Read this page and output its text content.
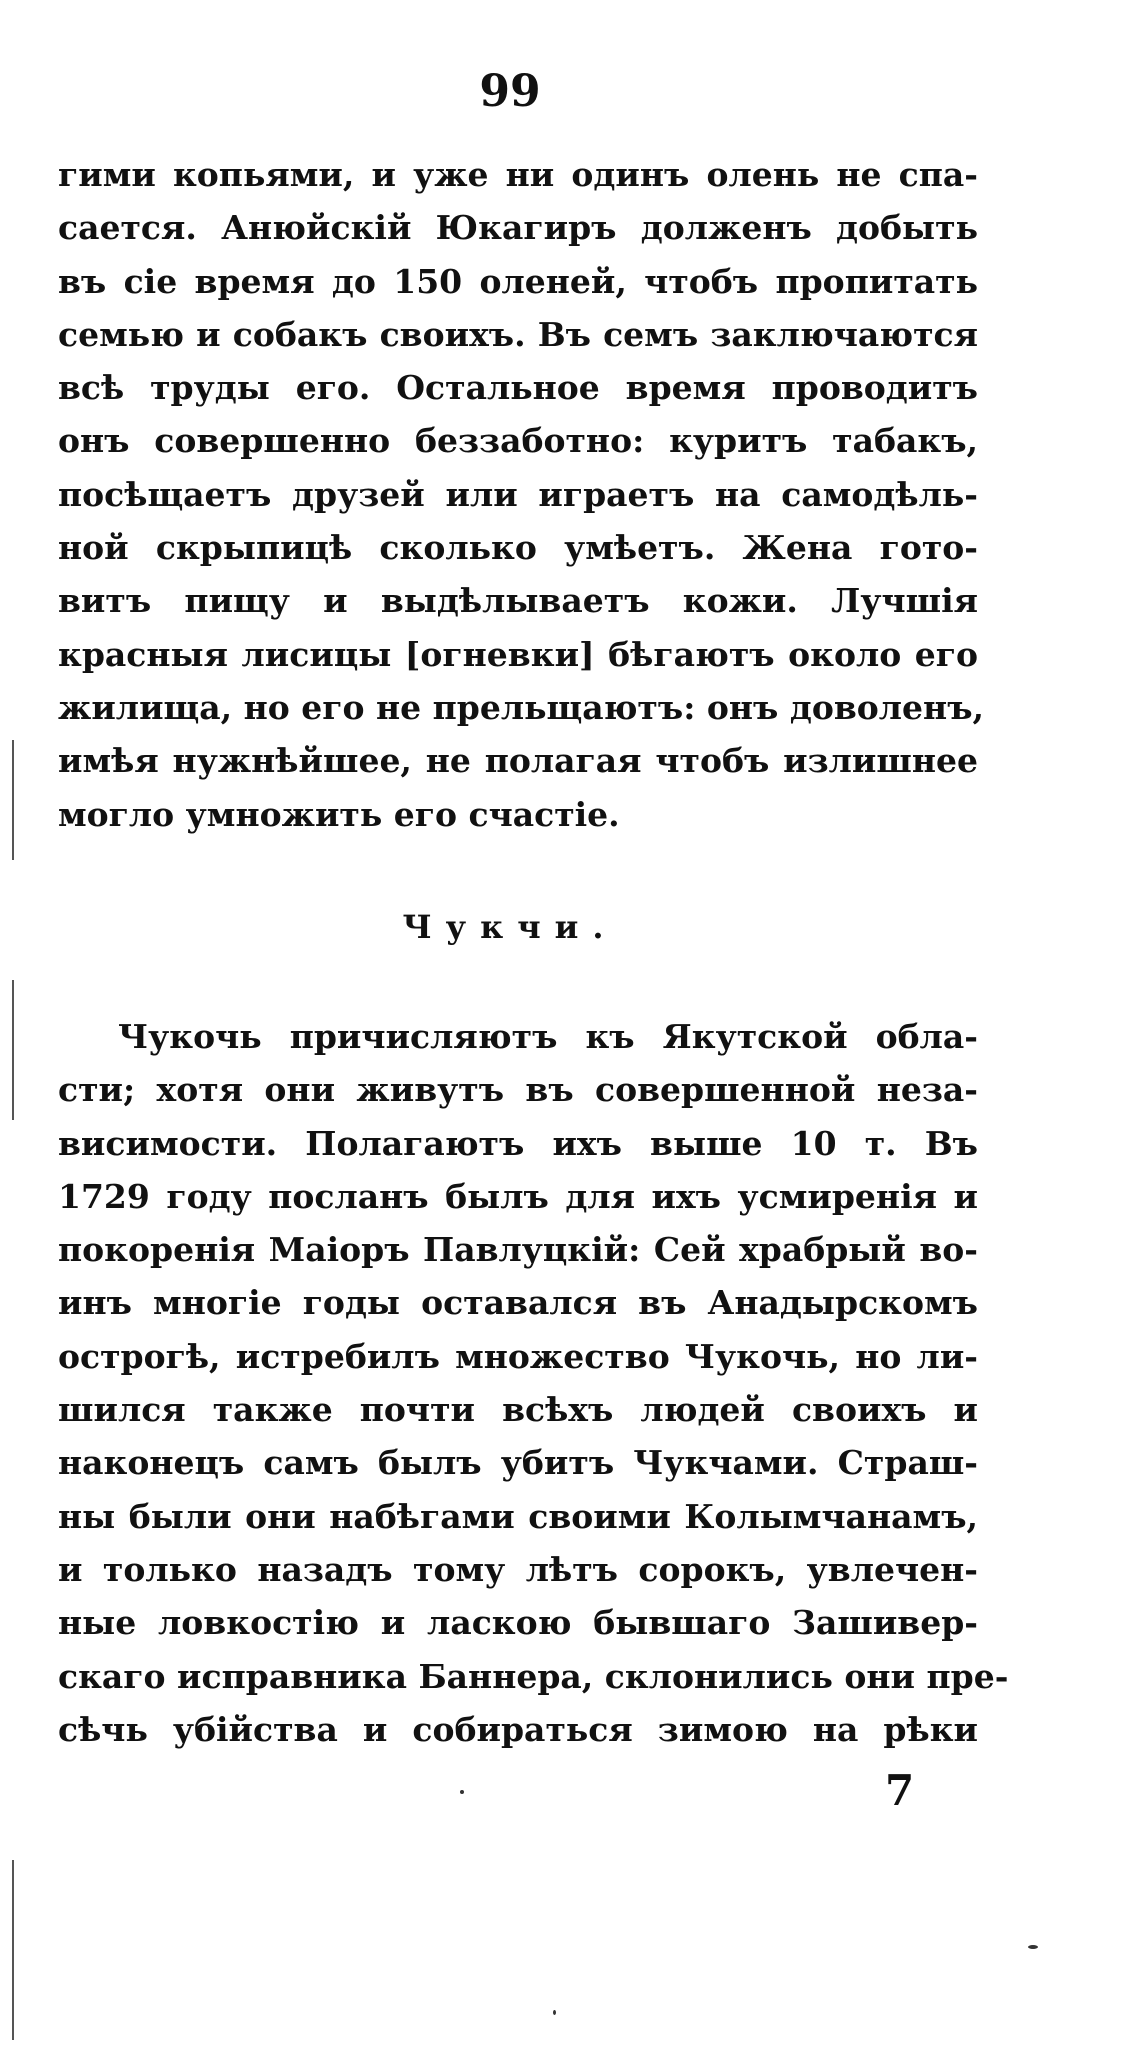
99
гими копьями, и уже ни одинъ олень не спа-
сается. Анюйскій Юкагиръ долженъ добыть
въ сіе время до 150 оленей, чтобъ пропитать
семью и собакъ своихъ. Въ семъ заключаются
всѣ труды его. Остальное время проводитъ
онъ совершенно беззаботно: куритъ табакъ,
посѣщаетъ друзей или играетъ на самодѣль-
ной скрыпицѣ сколько умѣетъ. Жена гото-
витъ пищу и выдѣлываетъ кожи. Лучшія
красныя лисицы [огневки] бѣгаютъ около его
жилища, но его не прельщаютъ: онъ доволенъ,
имѣя нужнѣйшее, не полагая чтобъ излишнее
могло умножить его счастіе.
Чукчи.
Чукочь причисляютъ къ Якутской обла-
сти; хотя они живутъ въ совершенной неза-
висимости. Полагаютъ ихъ выше 10 т. Въ
1729 году посланъ былъ для ихъ усмиренія и
покоренія Маіоръ Павлуцкій: Сей храбрый во-
инъ многіе годы оставался въ Анадырскомъ
острогѣ, истребилъ множество Чукочь, но ли-
шился также почти всѣхъ людей своихъ и
наконецъ самъ былъ убитъ Чукчами. Страш-
ны были они набѣгами своими Колымчанамъ,
и только назадъ тому лѣтъ сорокъ, увлечен-
ные ловкостію и ласкою бывшаго Зашивер-
скаго исправника Баннера, склонились они пре-
сѣчь убійства и собираться зимою на рѣки
7
